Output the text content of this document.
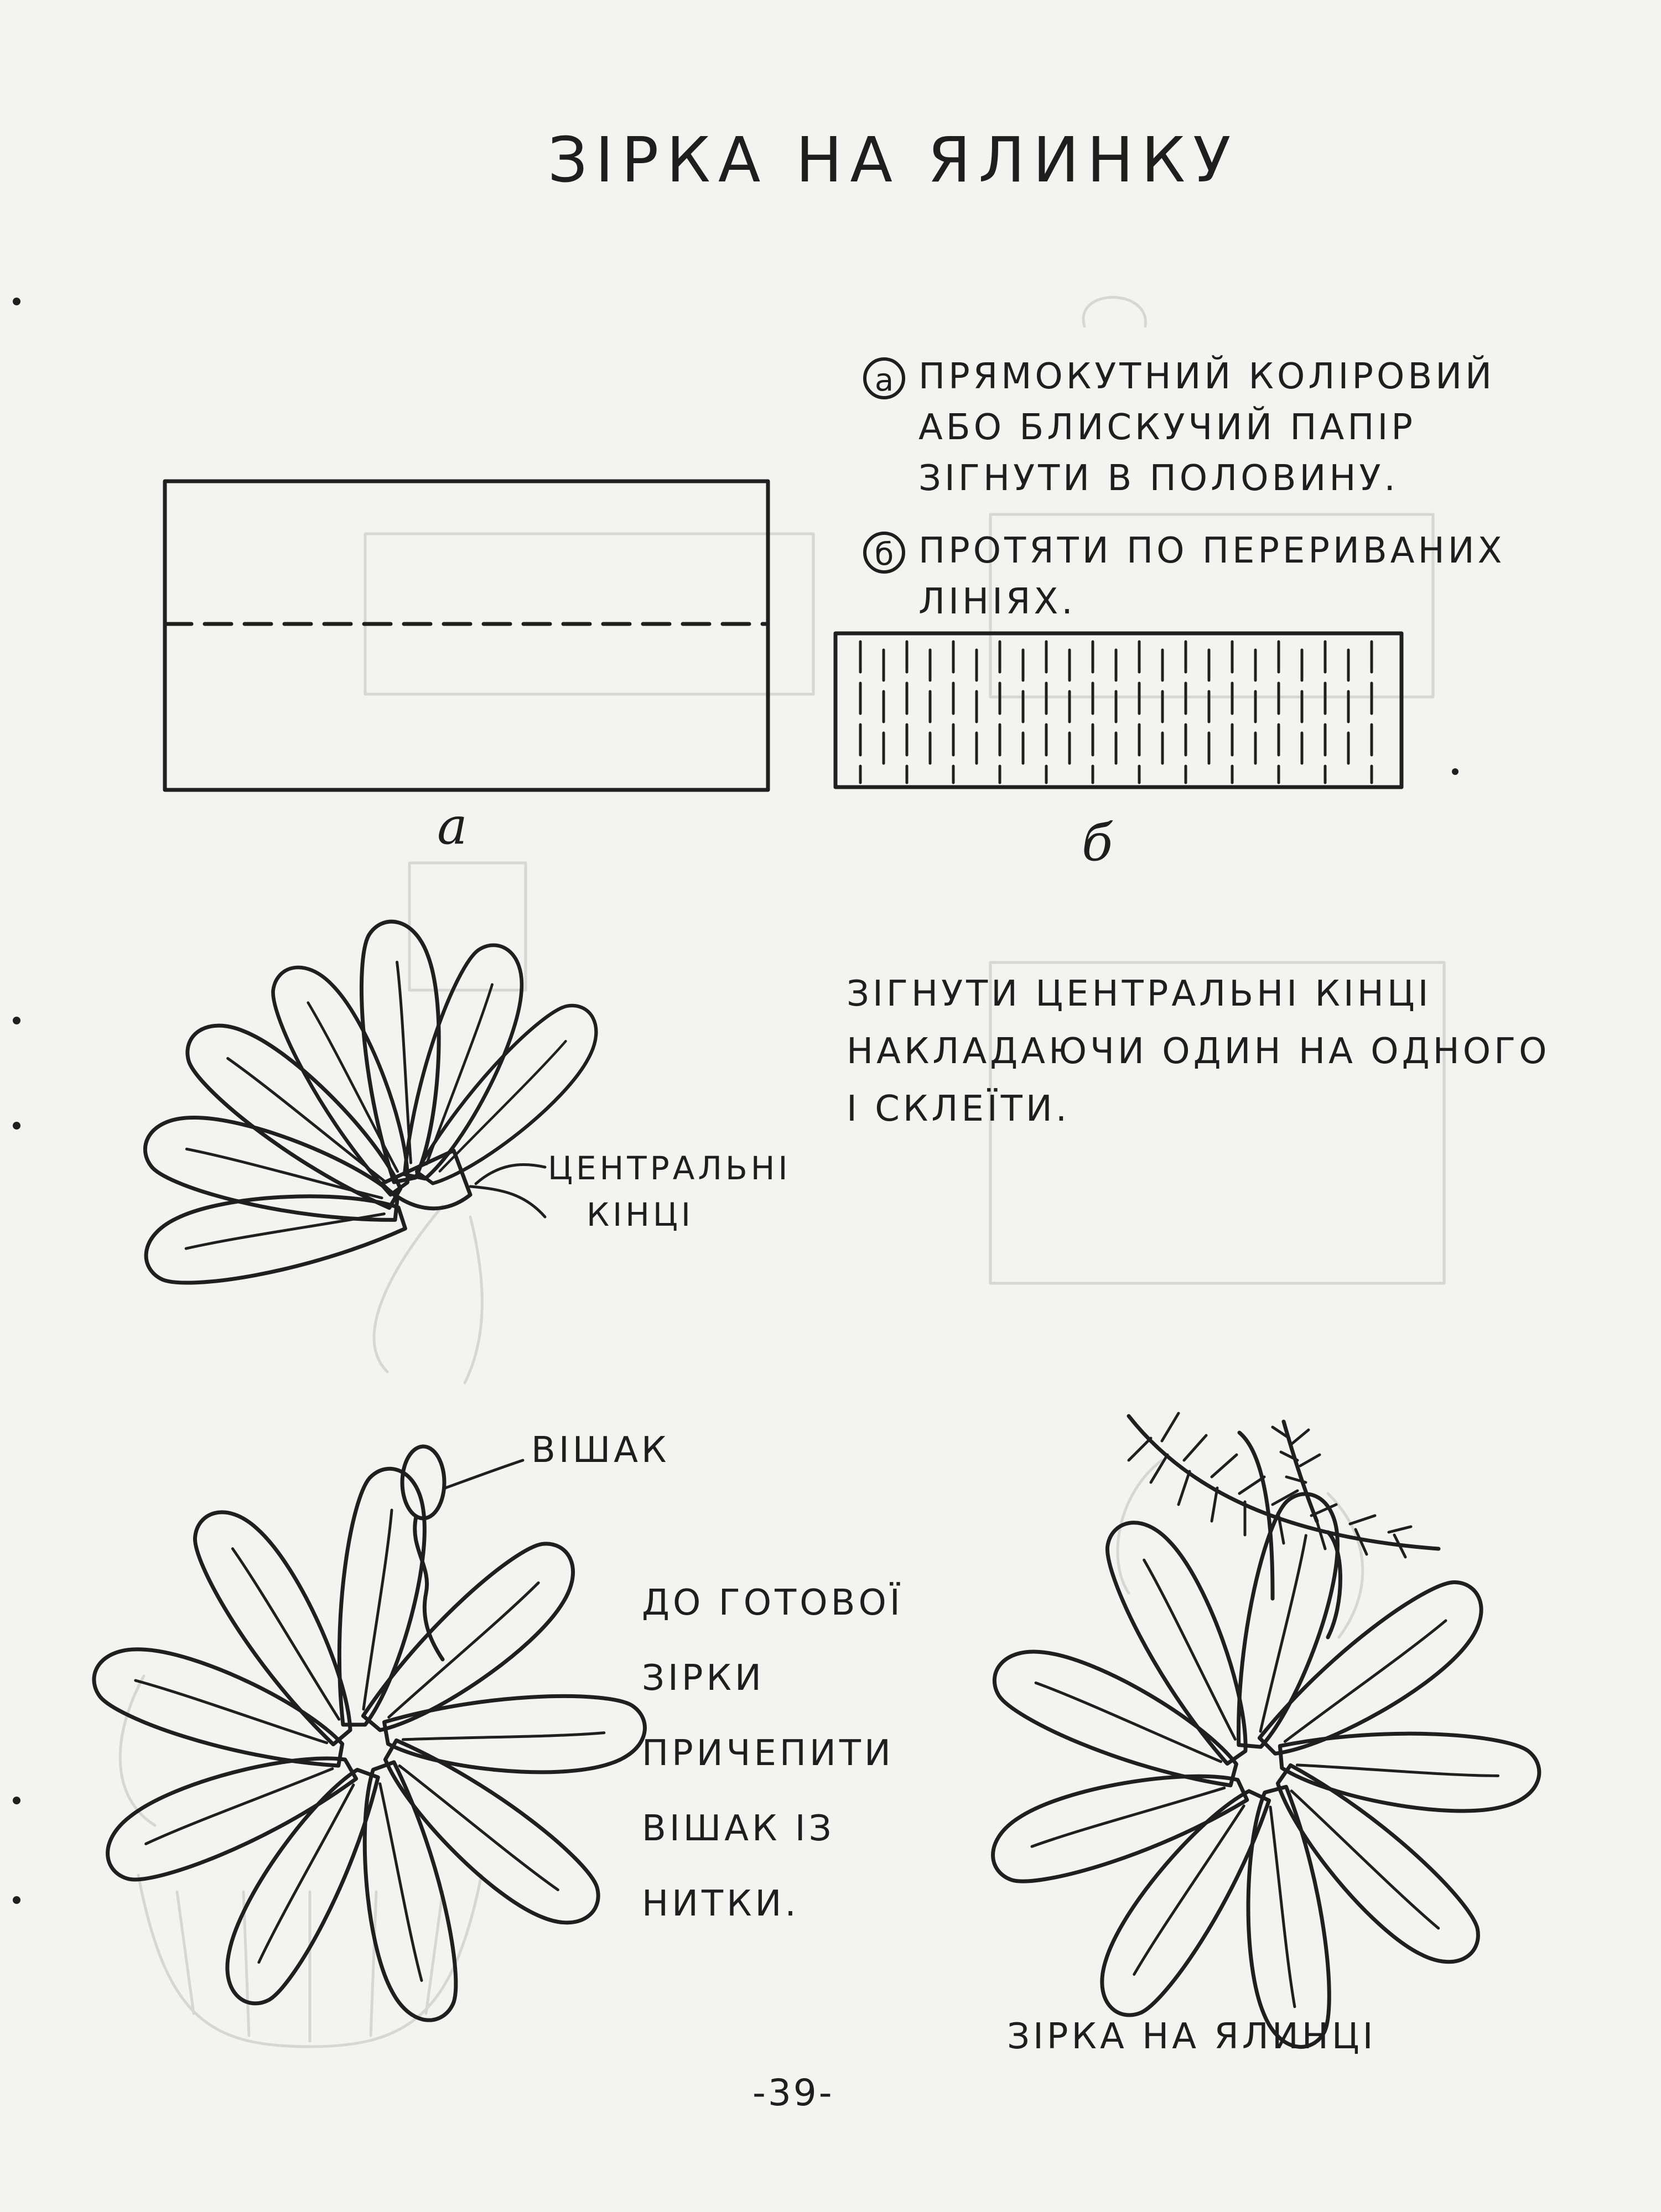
ЗІРКА НА ЯЛИНКУ
а ПРЯМОКУТНИЙ КОЛІРОВИЙ
АБО БЛИСКУЧИЙ ПАПІР
ЗІГНУТИ В ПОЛОВИНУ.
б ПРОТЯТИ ПО ПЕРЕРИВАНИХ
ЛІНІЯХ.
а	б
ЗІГНУТИ ЦЕНТРАЛЬНІ КІНЦІ
НАКЛАДАЮЧИ ОДИН НА ОДНОГО
І СКЛЕЇТИ.
ЦЕНТРАЛЬНІ
КІНЦІ
ВІШАК
ДО ГОТОВОЇ
ЗІРКИ
ПРИЧЕПИТИ
ВІШАК ІЗ
НИТКИ.
ЗІРКА НА ЯЛИНЦІ
-39-
